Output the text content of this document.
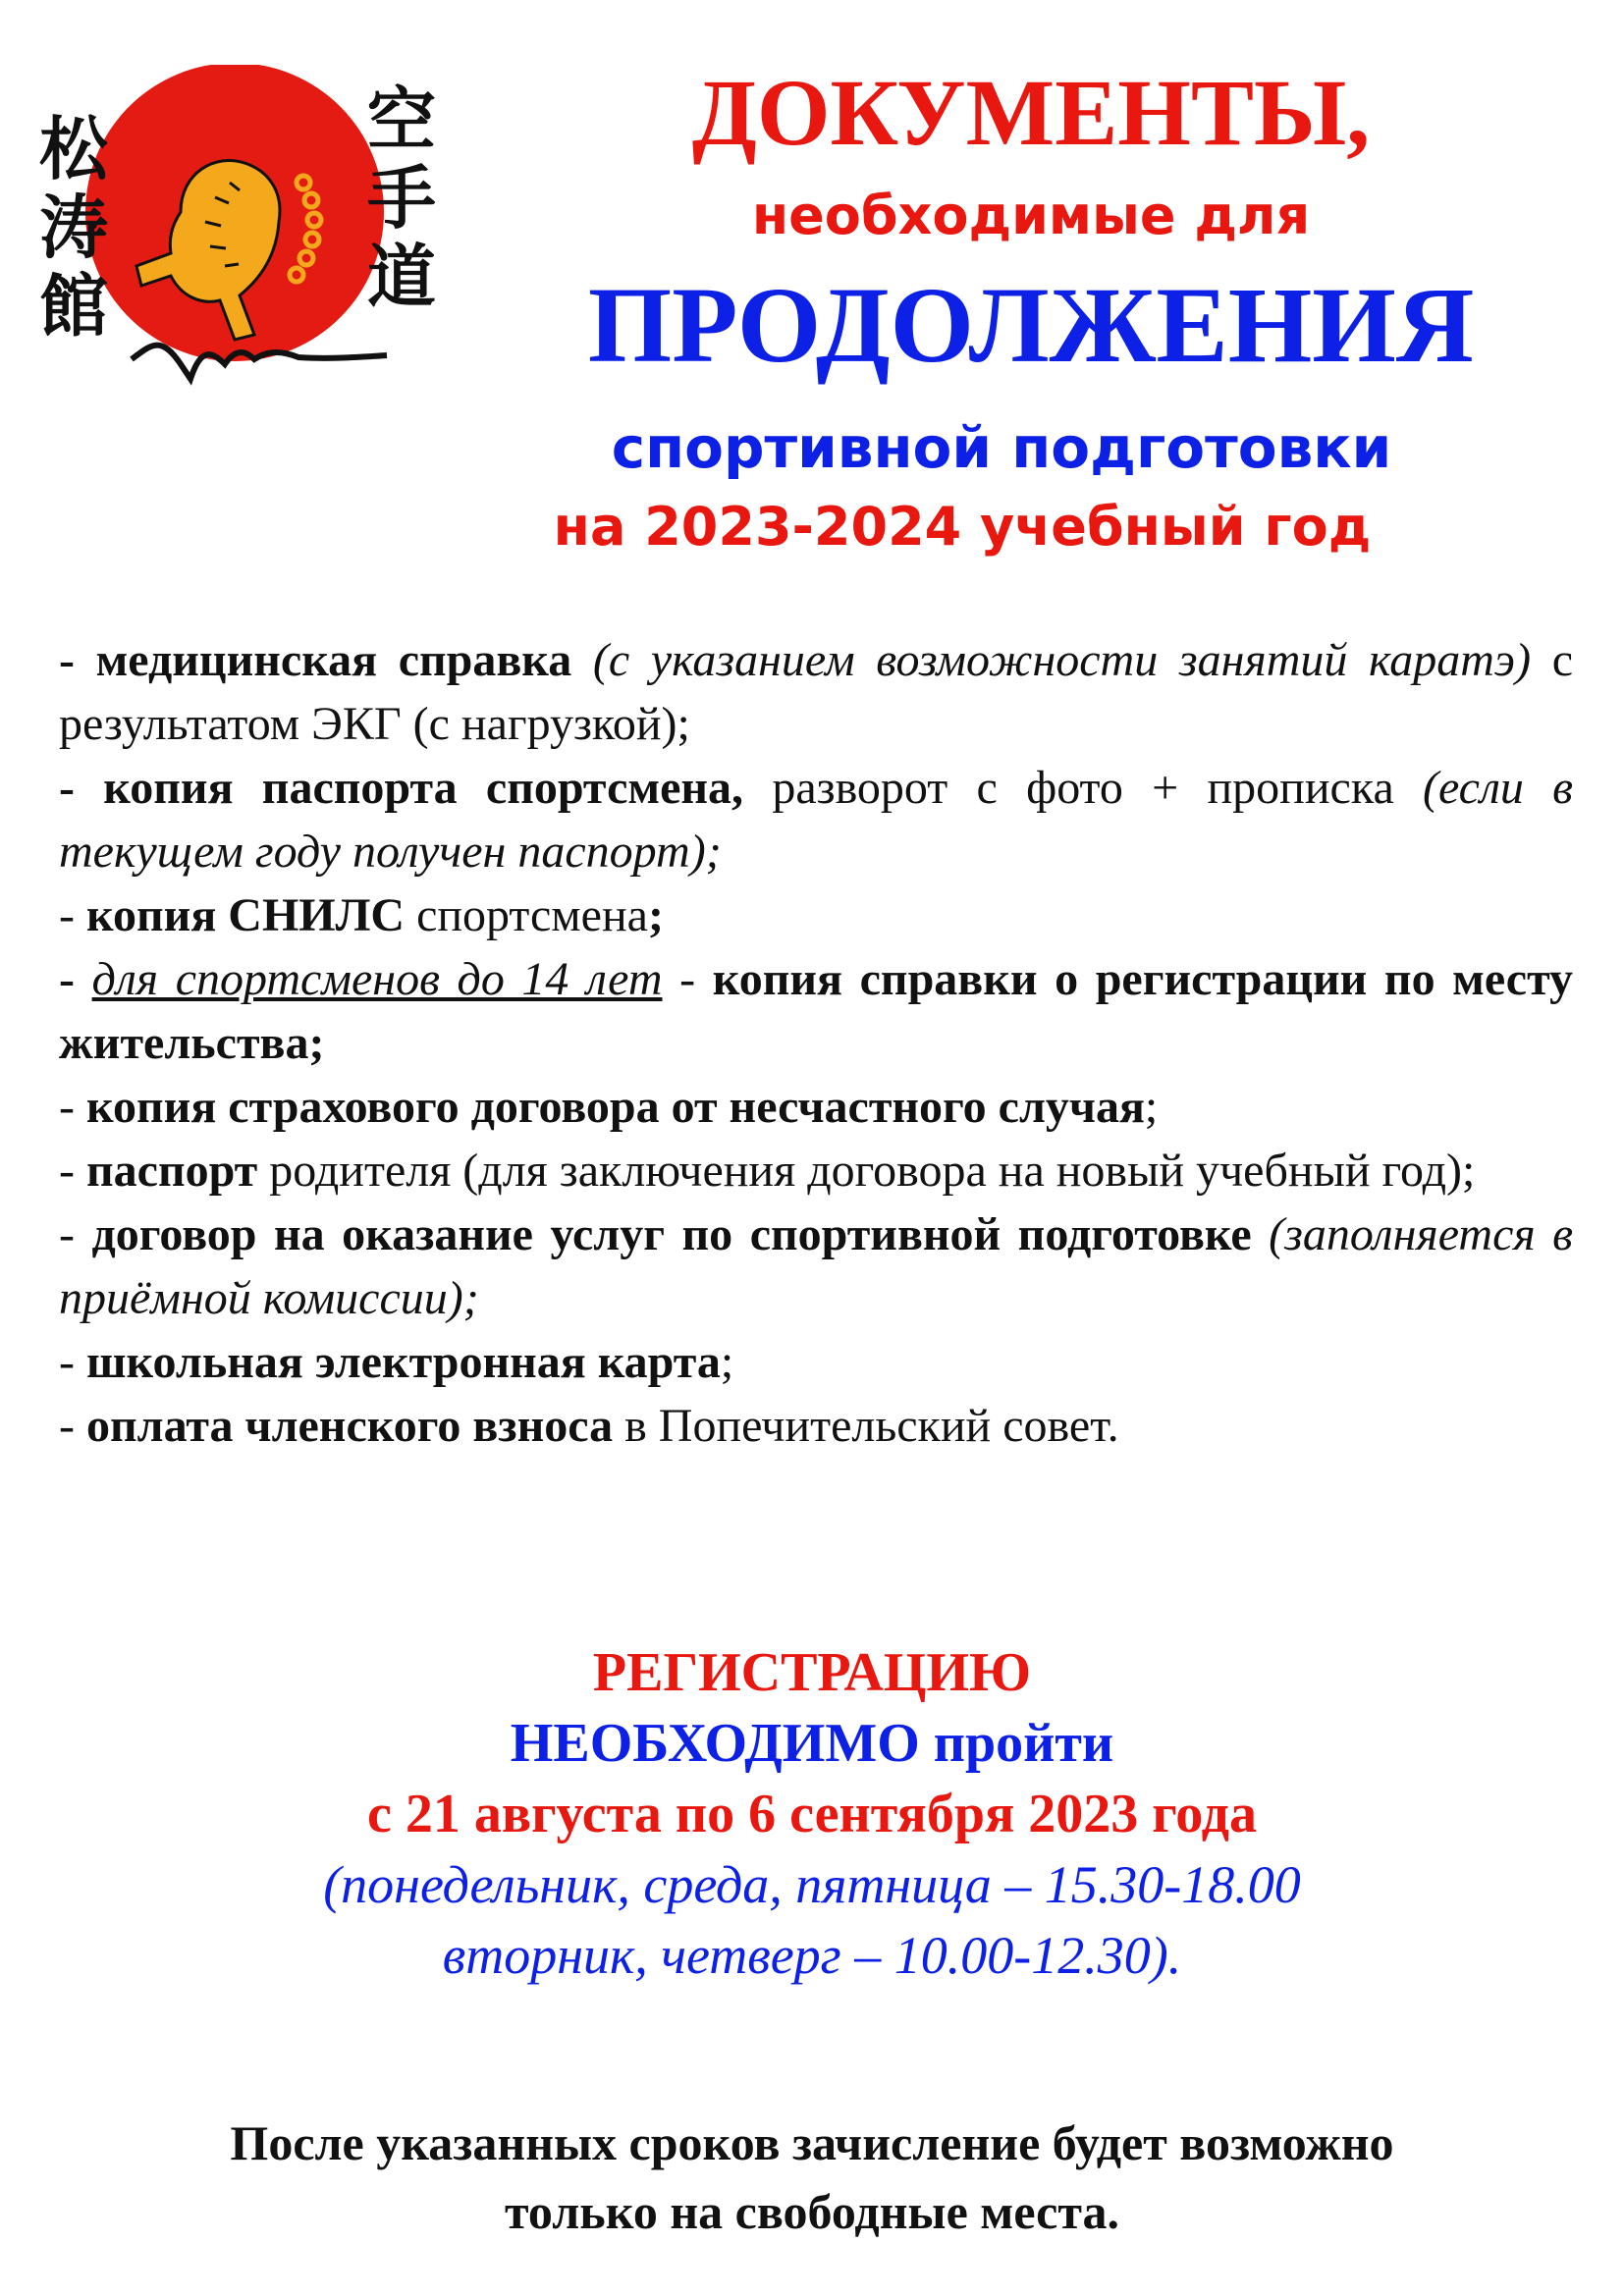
松
涛
館
空
手
道
ДОКУМЕНТЫ,
необходимые для
ПРОДОЛЖЕНИЯ
спортивной подготовки
на 2023-2024 учебный год

- медицинская справка (с указанием возможности занятий каратэ) с результатом ЭКГ (с нагрузкой);

- копия паспорта спортсмена, разворот с фото + прописка (если в текущем году получен паспорт);

- копия СНИЛС спортсмена;

- для спортсменов до 14 лет - копия справки о регистрации по месту жительства;

- копия страхового договора от несчастного случая;

- паспорт родителя (для заключения договора на новый учебный год);

- договор на оказание услуг по спортивной подготовке (заполняется в приёмной комиссии);

- школьная электронная карта;

- оплата членского взноса в Попечительский совет.

РЕГИСТРАЦИЮ
НЕОБХОДИМО пройти
с 21 августа по 6 сентября 2023 года
(понедельник, среда, пятница – 15.30-18.00
вторник, четверг – 10.00-12.30).
После указанных сроков зачисление будет возможно
только на свободные места.
